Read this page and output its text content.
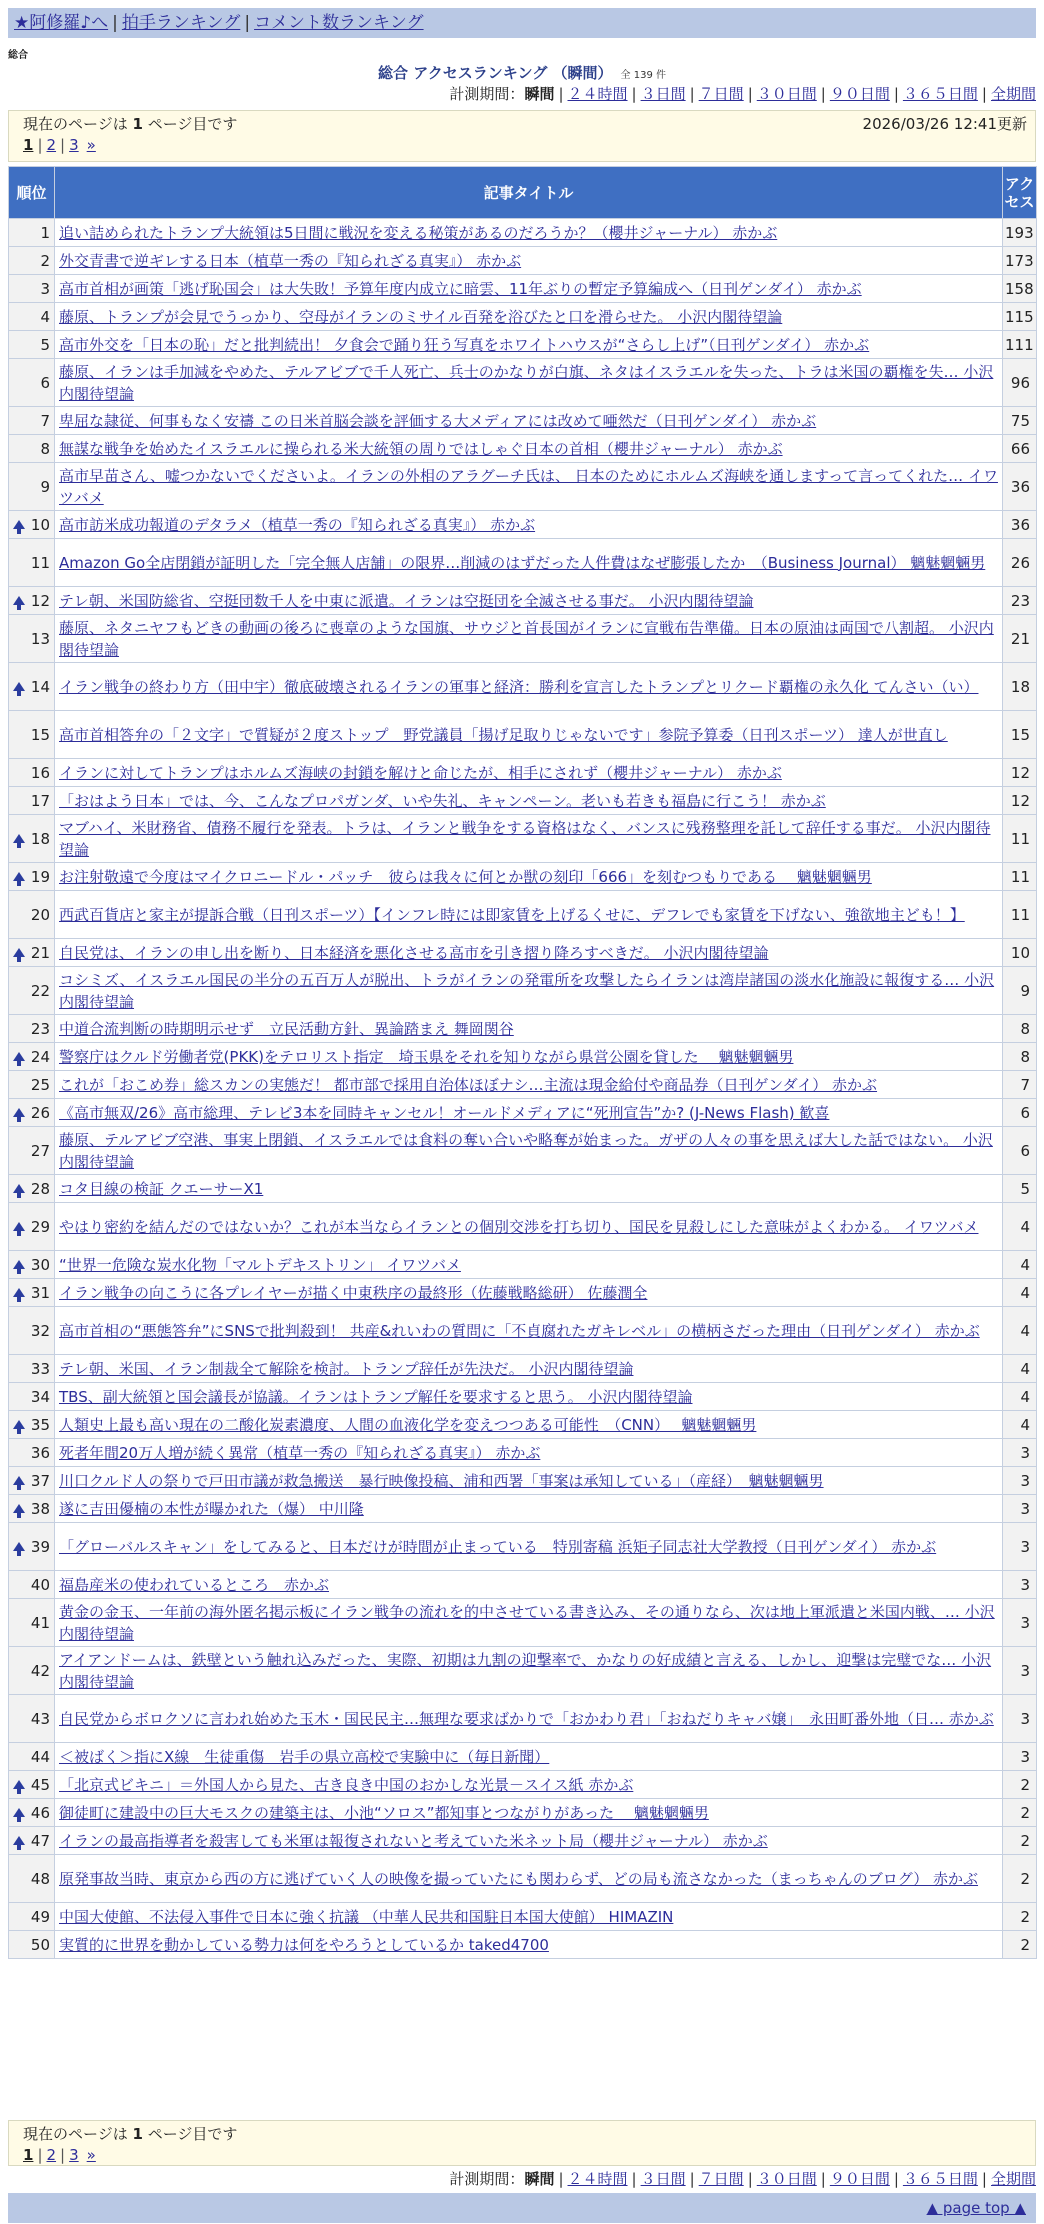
★阿修羅♪へ | 拍手ランキング | コメント数ランキング
総合
総合 アクセスランキング （瞬間） 全 139 件
計測期間：瞬間 | ２４時間 | ３日間 | ７日間 | ３０日間 | ９０日間 | ３６５日間 | 全期間
現在のページは 1 ページ目です	2026/03/26 12:41更新
1 | 2 | 3 »
順位	記事タイトル	アクセス
1	追い詰められたトランプ大統領は5日間に戦況を変える秘策があるのだろうか？（櫻井ジャーナル） 赤かぶ	193
2	外交青書で逆ギレする日本（植草一秀の『知られざる真実』） 赤かぶ	173
3	高市首相が画策「逃げ恥国会」は大失敗！予算年度内成立に暗雲、11年ぶりの暫定予算編成へ（日刊ゲンダイ） 赤かぶ	158
4	藤原、トランプが会見でうっかり、空母がイランのミサイル百発を浴びたと口を滑らせた。 小沢内閣待望論	115
5	高市外交を「日本の恥」だと批判続出！ 夕食会で踊り狂う写真をホワイトハウスが“さらし上げ”（日刊ゲンダイ） 赤かぶ	111
6	藤原、イランは手加減をやめた、テルアビブで千人死亡、兵士のかなりが白旗、ネタはイスラエルを失った、トラは米国の覇権を失… 小沢内閣待望論	96
7	卑屈な隷従、何事もなく安禱 この日米首脳会談を評価する大メディアには改めて唖然だ（日刊ゲンダイ） 赤かぶ	75
8	無謀な戦争を始めたイスラエルに操られる米大統領の周りではしゃぐ日本の首相（櫻井ジャーナル） 赤かぶ	66
9	高市早苗さん、嘘つかないでくださいよ。イランの外相のアラグーチ氏は、 日本のためにホルムズ海峡を通しますって言ってくれた… イワツバメ	36

10	高市訪米成功報道のデタラメ（植草一秀の『知られざる真実』） 赤かぶ	36
11	Amazon Go全店閉鎖が証明した「完全無人店舗」の限界…削減のはずだった人件費はなぜ膨張したか　（Business Journal） 魑魅魍魎男	26

12	テレ朝、米国防総省、空挺団数千人を中東に派遣。イランは空挺団を全滅させる事だ。 小沢内閣待望論	23
13	藤原、ネタニヤフもどきの動画の後ろに喪章のような国旗、サウジと首長国がイランに宣戦布告準備。日本の原油は両国で八割超。 小沢内閣待望論	21

14	イラン戦争の終わり方（田中宇）徹底破壊されるイランの軍事と経済：勝利を宣言したトランプとリクード覇権の永久化 てんさい（い）	18
15	高市首相答弁の「２文字」で質疑が２度ストップ　野党議員「揚げ足取りじゃないです」参院予算委（日刊スポーツ） 達人が世直し	15
16	イランに対してトランプはホルムズ海峡の封鎖を解けと命じたが、相手にされず（櫻井ジャーナル） 赤かぶ	12
17	「おはよう日本」では、今、こんなプロパガンダ、いや失礼、キャンペーン。老いも若きも福島に行こう！ 赤かぶ	12

18	マブハイ、米財務省、債務不履行を発表。トラは、イランと戦争をする資格はなく、バンスに残務整理を託して辞任する事だ。 小沢内閣待望論	11

19	お注射敬遠で今度はマイクロニードル・パッチ　彼らは我々に何とか獣の刻印「666」を刻むつもりである　 魑魅魍魎男	11
20	西武百貨店と家主が提訴合戦（日刊スポーツ）【インフレ時には即家賃を上げるくせに、デフレでも家賃を下げない、強欲地主ども！】	11

21	自民党は、イランの申し出を断り、日本経済を悪化させる高市を引き摺り降ろすべきだ。 小沢内閣待望論	10
22	コシミズ、イスラエル国民の半分の五百万人が脱出、トラがイランの発電所を攻撃したらイランは湾岸諸国の淡水化施設に報復する… 小沢内閣待望論	9
23	中道合流判断の時期明示せず　立民活動方針、異論踏まえ 舞岡関谷	8

24	警察庁はクルド労働者党(PKK)をテロリスト指定　埼玉県をそれを知りながら県営公園を貸した　 魑魅魍魎男	8
25	これが「おこめ券」総スカンの実態だ！ 都市部で採用自治体ほぼナシ…主流は現金給付や商品券（日刊ゲンダイ） 赤かぶ	7

26	《高市無双/26》高市総理、テレビ3本を同時キャンセル！オールドメディアに“死刑宣告”か? (J-News Flash) 歓喜	6
27	藤原、テルアビブ空港、事実上閉鎖、イスラエルでは食料の奪い合いや略奪が始まった。ガザの人々の事を思えば大した話ではない。 小沢内閣待望論	6

28	コタ目線の検証 クエーサーX1	5

29	やはり密約を結んだのではないか？これが本当ならイランとの個別交渉を打ち切り、国民を見殺しにした意味がよくわかる。 イワツバメ	4

30	“世界一危険な炭水化物「マルトデキストリン」 イワツバメ	4

31	イラン戦争の向こうに各プレイヤーが描く中東秩序の最終形（佐藤戦略総研） 佐藤潤全	4
32	高市首相の“悪態答弁”にSNSで批判殺到！ 共産&れいわの質問に「不貞腐れたガキレベル」の横柄さだった理由（日刊ゲンダイ） 赤かぶ	4
33	テレ朝、米国、イラン制裁全て解除を検討。トランプ辞任が先決だ。 小沢内閣待望論	4
34	TBS、副大統領と国会議長が協議。イランはトランプ解任を要求すると思う。 小沢内閣待望論	4

35	人類史上最も高い現在の二酸化炭素濃度、人間の血液化学を変えつつある可能性　（CNN）　 魑魅魍魎男	4
36	死者年間20万人増が続く異常（植草一秀の『知られざる真実』） 赤かぶ	3

37	川口クルド人の祭りで戸田市議が救急搬送　暴行映像投稿、浦和西署「事案は承知している」（産経）　魑魅魍魎男	3

38	遂に吉田優楠の本性が曝かれた（爆） 中川隆	3

39	「グローバルスキャン」をしてみると、日本だけが時間が止まっている　特別寄稿 浜矩子同志社大学教授（日刊ゲンダイ） 赤かぶ	3
40	福島産米の使われているところ　赤かぶ	3
41	黄金の金玉、一年前の海外匿名掲示板にイラン戦争の流れを的中させている書き込み、その通りなら、次は地上軍派遣と米国内戦、… 小沢内閣待望論	3
42	アイアンドームは、鉄壁という触れ込みだった、実際、初期は九割の迎撃率で、かなりの好成績と言える、しかし、迎撃は完璧でな… 小沢内閣待望論	3
43	自民党からボロクソに言われ始めた玉木・国民民主…無理な要求ばかりで「おかわり君」「おねだりキャバ嬢」　永田町番外地（日… 赤かぶ	3
44	＜被ばく＞指にX線　生徒重傷　岩手の県立高校で実験中に（毎日新聞）	3

45	「北京式ビキニ」＝外国人から見た、古き良き中国のおかしな光景－スイス紙 赤かぶ	2

46	御徒町に建設中の巨大モスクの建築主は、小池“ソロス”都知事とつながりがあった　 魑魅魍魎男	2

47	イランの最高指導者を殺害しても米軍は報復されないと考えていた米ネット局（櫻井ジャーナル） 赤かぶ	2
48	原発事故当時、東京から西の方に逃げていく人の映像を撮っていたにも関わらず、どの局も流さなかった（まっちゃんのブログ） 赤かぶ	2
49	中国大使館、不法侵入事件で日本に強く抗議 （中華人民共和国駐日本国大使館） HIMAZIN	2
50	実質的に世界を動かしている勢力は何をやろうとしているか taked4700	2
現在のページは 1 ページ目です
1 | 2 | 3 »
計測期間：瞬間 | ２４時間 | ３日間 | ７日間 | ３０日間 | ９０日間 | ３６５日間 | 全期間
▲ page top ▲
